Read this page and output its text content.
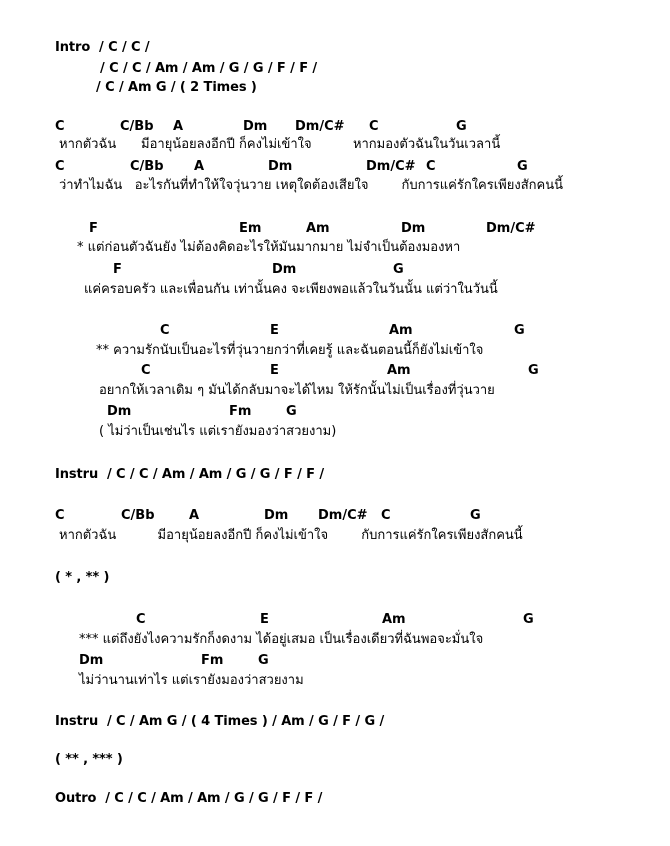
Intro  / C / C /
/ C / C / Am / Am / G / G / F / F /
/ C / Am G / ( 2 Times )
หากตัวฉัน      มีอายุน้อยลงอีกปี ก็คงไม่เข้าใจ          หากมองตัวฉันในวันเวลานี้
ว่าทำไมฉัน   อะไรกันที่ทำให้ใจวุ่นวาย เหตุใดต้องเสียใจ        กับการแค่รักใครเพียงสักคนนี้
* แต่ก่อนตัวฉันยัง ไม่ต้องคิดอะไรให้มันมากมาย ไม่จำเป็นต้องมองหา
แค่ครอบครัว และเพื่อนกัน เท่านั้นคง จะเพียงพอแล้วในวันนั้น แต่ว่าในวันนี้
** ความรักนับเป็นอะไรที่วุ่นวายกว่าที่เคยรู้ และฉันตอนนี้ก็ยังไม่เข้าใจ
อยากให้เวลาเดิม ๆ มันได้กลับมาจะได้ไหม ให้รักนั้นไม่เป็นเรื่องที่วุ่นวาย
( ไม่ว่าเป็นเช่นไร แต่เรายังมองว่าสวยงาม)
Instru  / C / C / Am / Am / G / G / F / F /
หากตัวฉัน          มีอายุน้อยลงอีกปี ก็คงไม่เข้าใจ        กับการแค่รักใครเพียงสักคนนี้
( * , ** )
*** แต่ถึงยังไงความรักก็งดงาม ได้อยู่เสมอ เป็นเรื่องเดียวที่ฉันพอจะมั่นใจ
ไม่ว่านานเท่าไร แต่เรายังมองว่าสวยงาม
Instru  / C / Am G / ( 4 Times ) / Am / G / F / G /
( ** , *** )
Outro  / C / C / Am / Am / G / G / F / F /
C	C/Bb A	Dm Dm/C# C	G
C	C/Bb A	Dm	Dm/C# C	G
F	Em	Am	Dm	Dm/C#
F	Dm	G
C	E	Am	G
C	E	Am	G
Dm	Fm	G
C	C/Bb	A	Dm Dm/C# C	G
C	E	Am	G
Dm	Fm	G
